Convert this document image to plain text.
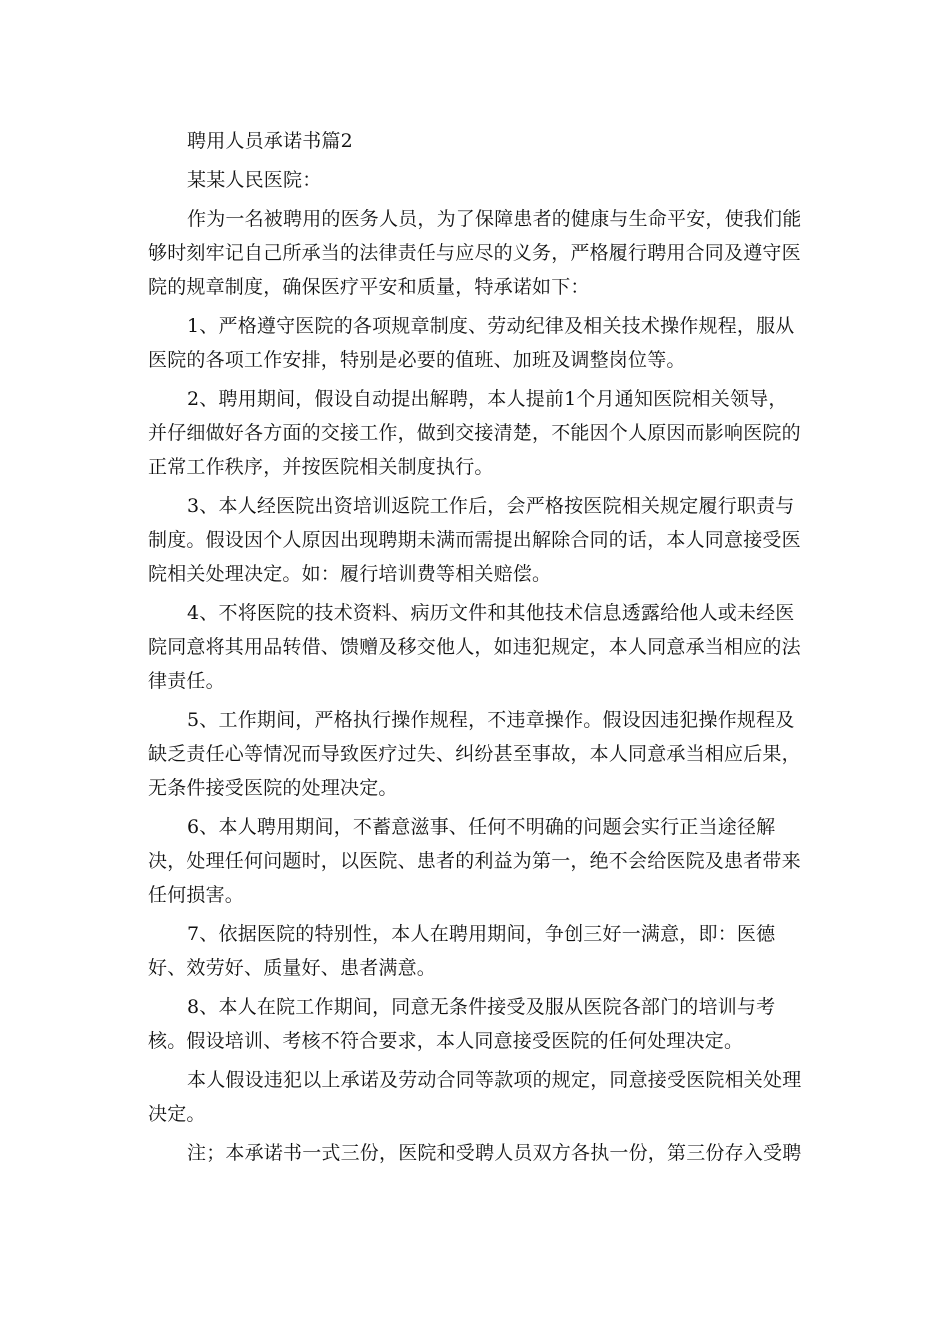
聘用人员承诺书篇2
某某人民医院：
作为一名被聘用的医务人员，为了保障患者的健康与生命平安，使我们能
够时刻牢记自己所承当的法律责任与应尽的义务，严格履行聘用合同及遵守医
院的规章制度，确保医疗平安和质量，特承诺如下：
1、严格遵守医院的各项规章制度、劳动纪律及相关技术操作规程，服从
医院的各项工作安排，特别是必要的值班、加班及调整岗位等。
2、聘用期间，假设自动提出解聘，本人提前1个月通知医院相关领导，
并仔细做好各方面的交接工作，做到交接清楚，不能因个人原因而影响医院的
正常工作秩序，并按医院相关制度执行。
3、本人经医院出资培训返院工作后，会严格按医院相关规定履行职责与
制度。假设因个人原因出现聘期未满而需提出解除合同的话，本人同意接受医
院相关处理决定。如：履行培训费等相关赔偿。
4、不将医院的技术资料、病历文件和其他技术信息透露给他人或未经医
院同意将其用品转借、馈赠及移交他人，如违犯规定，本人同意承当相应的法
律责任。
5、工作期间，严格执行操作规程，不违章操作。假设因违犯操作规程及
缺乏责任心等情况而导致医疗过失、纠纷甚至事故，本人同意承当相应后果，
无条件接受医院的处理决定。
6、本人聘用期间，不蓄意滋事、任何不明确的问题会实行正当途径解
决，处理任何问题时，以医院、患者的利益为第一，绝不会给医院及患者带来
任何损害。
7、依据医院的特别性，本人在聘用期间，争创三好一满意，即：医德
好、效劳好、质量好、患者满意。
8、本人在院工作期间，同意无条件接受及服从医院各部门的培训与考
核。假设培训、考核不符合要求，本人同意接受医院的任何处理决定。
本人假设违犯以上承诺及劳动合同等款项的规定，同意接受医院相关处理
决定。
注；本承诺书一式三份，医院和受聘人员双方各执一份，第三份存入受聘
